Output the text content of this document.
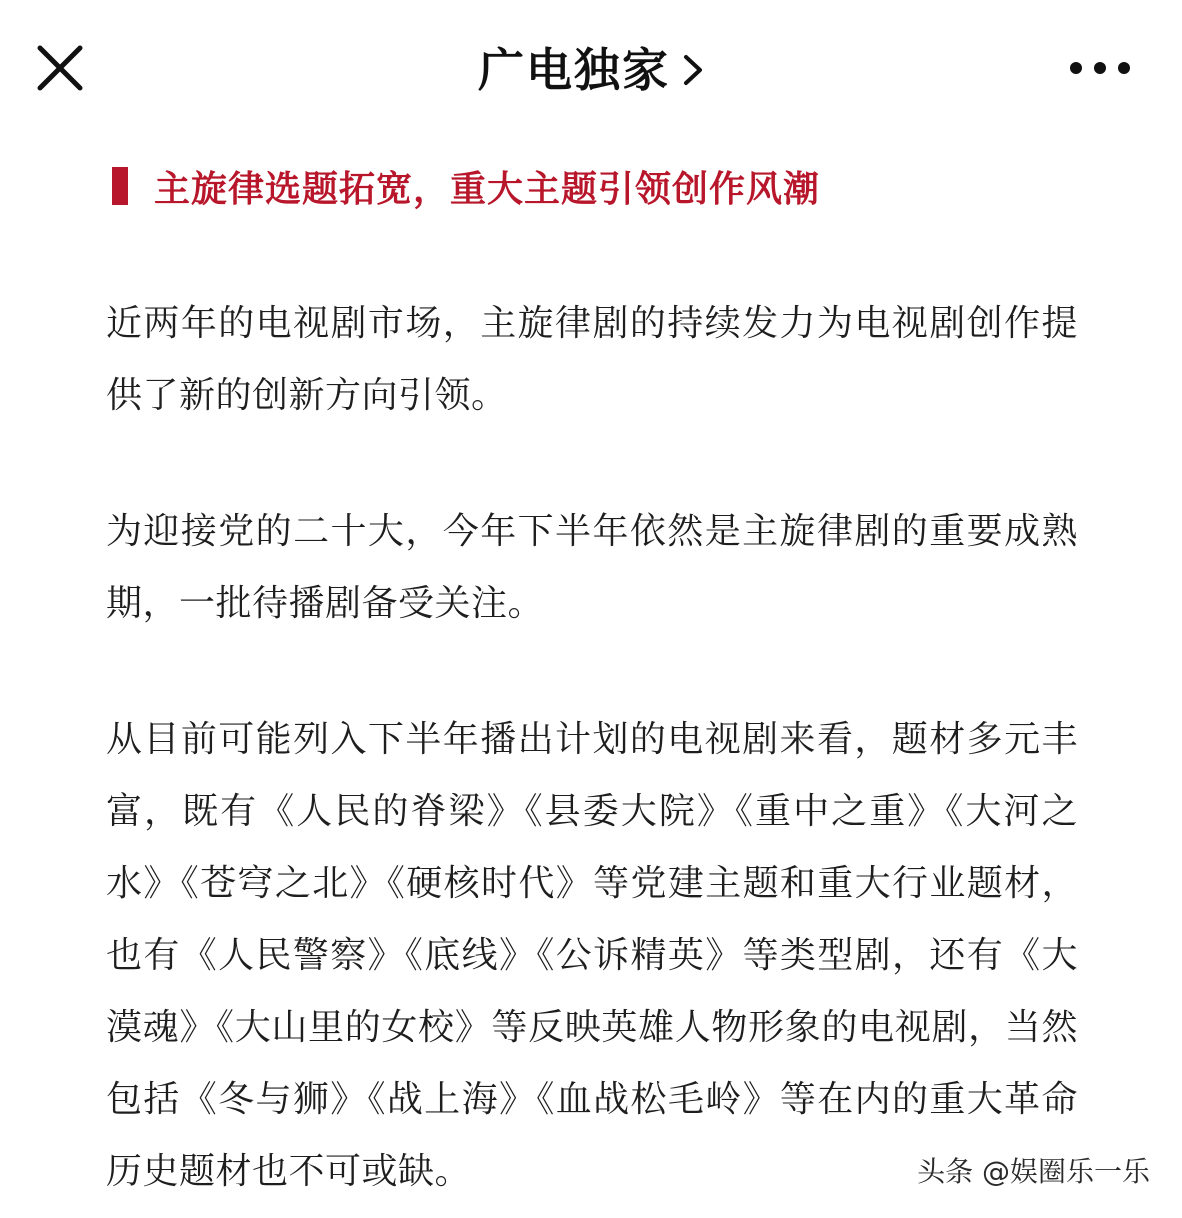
广电独家
主旋律选题拓宽，重大主题引领创作风潮

近两年的电视剧市场，主旋律剧的持续发力为电视剧创作提供了新的创新方向引领。

为迎接党的二十大，今年下半年依然是主旋律剧的重要成熟期，一批待播剧备受关注。

从目前可能列入下半年播出计划的电视剧来看，题材多元丰富，既有《人民的脊梁》《县委大院》《重中之重》《大河之水》《苍穹之北》《硬核时代》等党建主题和重大行业题材，也有《人民警察》《底线》《公诉精英》等类型剧，还有《大漠魂》《大山里的女校》等反映英雄人物形象的电视剧，当然包括《冬与狮》《战上海》《血战松毛岭》等在内的重大革命历史题材也不可或缺。	头条 @娱圈乐一乐
